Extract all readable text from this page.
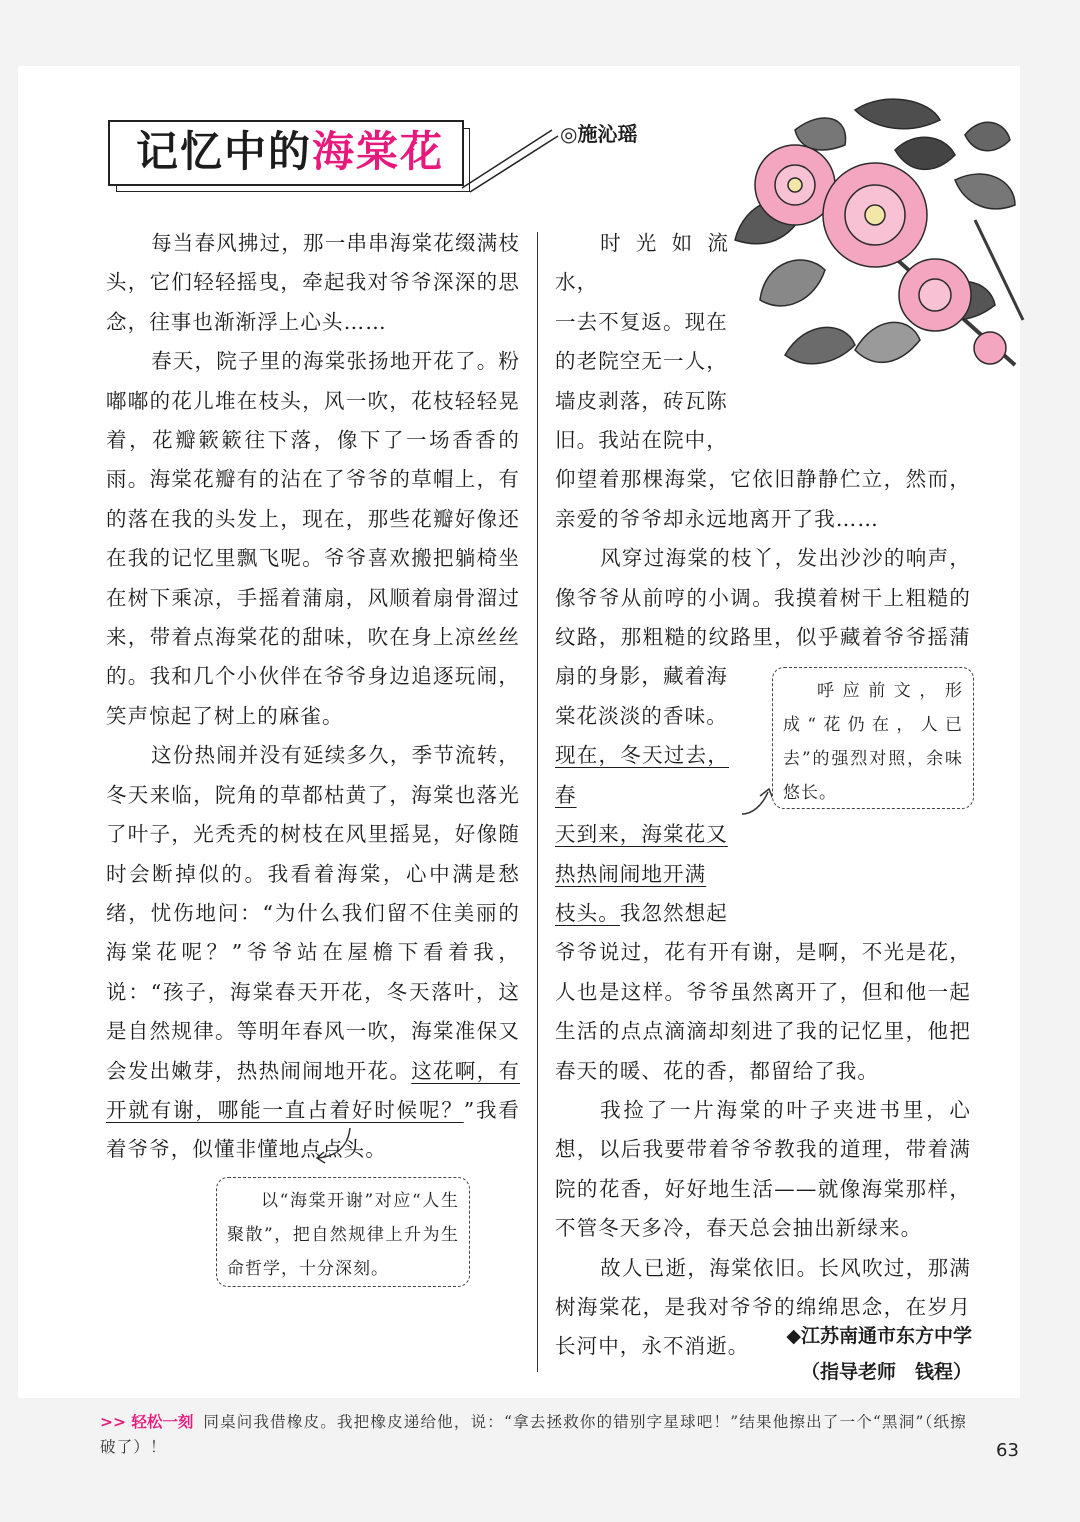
记忆中的海棠花	◎施沁瑶

每当春风拂过，那一串串海棠花缀满枝头，它们轻轻摇曳，牵起我对爷爷深深的思念，往事也渐渐浮上心头……

春天，院子里的海棠张扬地开花了。粉嘟嘟的花儿堆在枝头，风一吹，花枝轻轻晃着，花瓣簌簌往下落，像下了一场香香的雨。海棠花瓣有的沾在了爷爷的草帽上，有的落在我的头发上，现在，那些花瓣好像还在我的记忆里飘飞呢。爷爷喜欢搬把躺椅坐在树下乘凉，手摇着蒲扇，风顺着扇骨溜过来，带着点海棠花的甜味，吹在身上凉丝丝的。我和几个小伙伴在爷爷身边追逐玩闹，笑声惊起了树上的麻雀。

这份热闹并没有延续多久，季节流转，冬天来临，院角的草都枯黄了，海棠也落光了叶子，光秃秃的树枝在风里摇晃，好像随时会断掉似的。我看着海棠，心中满是愁绪，忧伤地问：“为什么我们留不住美丽的海棠花呢？”爷爷站在屋檐下看着我，说：“孩子，海棠春天开花，冬天落叶，这是自然规律。等明年春风一吹，海棠准保又会发出嫩芽，热热闹闹地开花。这花啊，有开就有谢，哪能一直占着好时候呢？”我看着爷爷，似懂非懂地点点头。

以“海棠开谢”对应“人生聚散”，把自然规律上升为生命哲学，十分深刻。

时光如流水，

一去不复返。现在

的老院空无一人，

墙皮剥落，砖瓦陈

旧。我站在院中，

仰望着那棵海棠，它依旧静静伫立，然而，亲爱的爷爷却永远地离开了我……

风穿过海棠的枝丫，发出沙沙的响声，像爷爷从前哼的小调。我摸着树干上粗糙的纹路，那粗糙的纹路里，似乎藏着爷爷摇蒲扇的身影，藏着海

棠花淡淡的香味。

现在，冬天过去，春

天到来，海棠花又

热热闹闹地开满

枝头。我忽然想起

爷爷说过，花有开有谢，是啊，不光是花，人也是这样。爷爷虽然离开了，但和他一起生活的点点滴滴却刻进了我的记忆里，他把春天的暖、花的香，都留给了我。

我捡了一片海棠的叶子夹进书里，心想，以后我要带着爷爷教我的道理，带着满院的花香，好好地生活——就像海棠那样，不管冬天多冷，春天总会抽出新绿来。

故人已逝，海棠依旧。长风吹过，那满树海棠花，是我对爷爷的绵绵思念，在岁月长河中，永不消逝。

呼应前文，形成“花仍在，人已去”的强烈对照，余味悠长。

◆江苏南通市东方中学
（指导老师　钱程）
>> 轻松一刻 同桌问我借橡皮。我把橡皮递给他，说：“拿去拯救你的错别字星球吧！”结果他擦出了一个“黑洞”（纸擦破了）！	63
